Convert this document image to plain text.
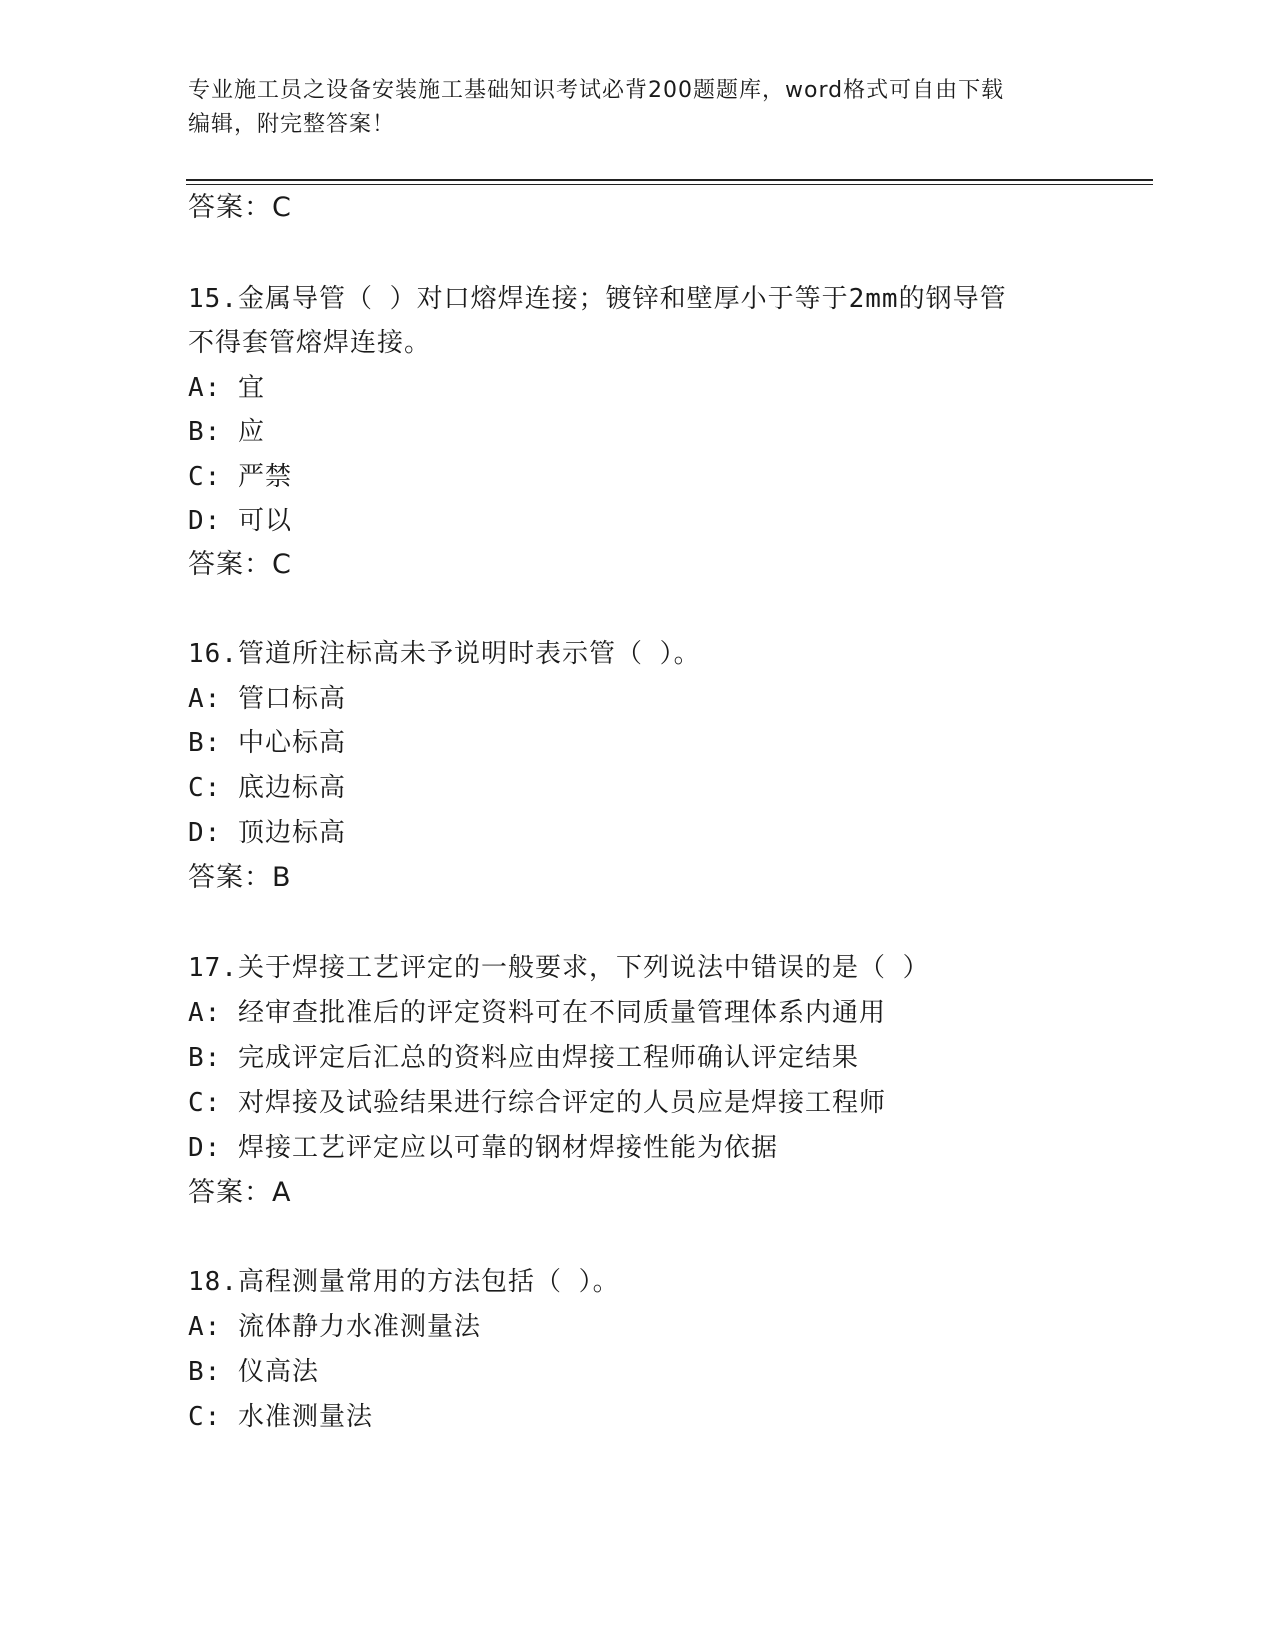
专业施工员之设备安装施工基础知识考试必背200题题库，word格式可自由下载
编辑，附完整答案！
答案：C
15.金属导管（ ）对口熔焊连接；镀锌和壁厚小于等于2mm的钢导管
不得套管熔焊连接。
A: 宜
B: 应
C: 严禁
D: 可以
答案：C
16.管道所注标高未予说明时表示管（ ）。
A: 管口标高
B: 中心标高
C: 底边标高
D: 顶边标高
答案：B
17.关于焊接工艺评定的一般要求，下列说法中错误的是（ ）
A: 经审查批准后的评定资料可在不同质量管理体系内通用
B: 完成评定后汇总的资料应由焊接工程师确认评定结果
C: 对焊接及试验结果进行综合评定的人员应是焊接工程师
D: 焊接工艺评定应以可靠的钢材焊接性能为依据
答案：A
18.高程测量常用的方法包括（ ）。
A: 流体静力水准测量法
B: 仪高法
C: 水准测量法
